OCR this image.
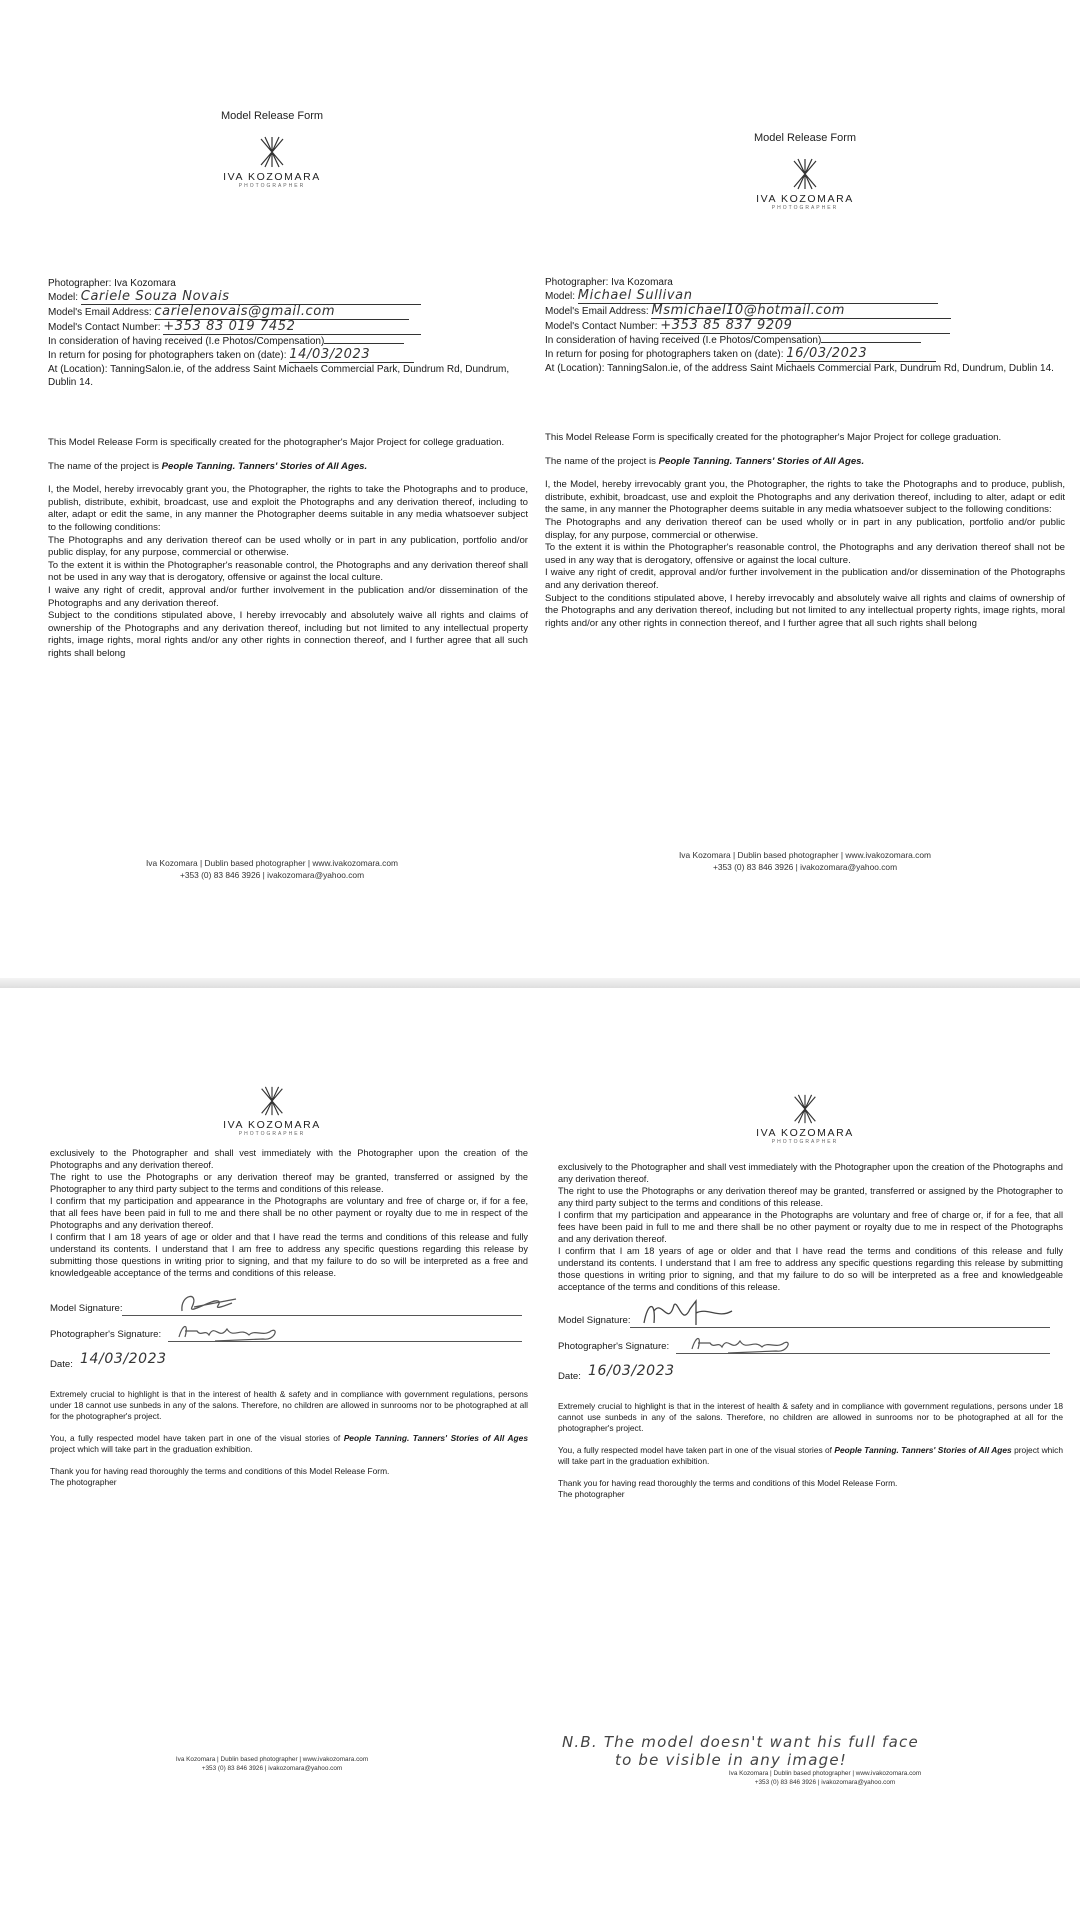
Model Release Form
IVA KOZOMARA
PHOTOGRAPHER
Photographer: Iva Kozomara
Model: Cariele Souza Novais
Model's Email Address: carielenovais@gmail.com
Model's Contact Number: +353 83 019 7452
In consideration of having received (I.e Photos/Compensation)
In return for posing for photographers taken on (date): 14/03/2023
At (Location): TanningSalon.ie, of the address Saint Michaels Commercial Park, Dundrum Rd, Dundrum, Dublin 14.

This Model Release Form is specifically created for the photographer's Major Project for college graduation.

The name of the project is People Tanning. Tanners' Stories of All Ages.

I, the Model, hereby irrevocably grant you, the Photographer, the rights to take the Photographs and to produce, publish, distribute, exhibit, broadcast, use and exploit the Photographs and any derivation thereof, including to alter, adapt or edit the same, in any manner the Photographer deems suitable in any media whatsoever subject to the following conditions:

The Photographs and any derivation thereof can be used wholly or in part in any publication, portfolio and/or public display, for any purpose, commercial or otherwise.

To the extent it is within the Photographer's reasonable control, the Photographs and any derivation thereof shall not be used in any way that is derogatory, offensive or against the local culture.

I waive any right of credit, approval and/or further involvement in the publication and/or dissemination of the Photographs and any derivation thereof.

Subject to the conditions stipulated above, I hereby irrevocably and absolutely waive all rights and claims of ownership of the Photographs and any derivation thereof, including but not limited to any intellectual property rights, image rights, moral rights and/or any other rights in connection thereof, and I further agree that all such rights shall belong

Iva Kozomara | Dublin based photographer | www.ivakozomara.com
+353 (0) 83 846 3926 | ivakozomara@yahoo.com
Model Release Form
IVA KOZOMARA
PHOTOGRAPHER
Photographer: Iva Kozomara
Model: Michael Sullivan
Model's Email Address: Msmichael10@hotmail.com
Model's Contact Number: +353 85 837 9209
In consideration of having received (I.e Photos/Compensation)
In return for posing for photographers taken on (date): 16/03/2023
At (Location): TanningSalon.ie, of the address Saint Michaels Commercial Park, Dundrum Rd, Dundrum, Dublin 14.

This Model Release Form is specifically created for the photographer's Major Project for college graduation.

The name of the project is People Tanning. Tanners' Stories of All Ages.

I, the Model, hereby irrevocably grant you, the Photographer, the rights to take the Photographs and to produce, publish, distribute, exhibit, broadcast, use and exploit the Photographs and any derivation thereof, including to alter, adapt or edit the same, in any manner the Photographer deems suitable in any media whatsoever subject to the following conditions:

The Photographs and any derivation thereof can be used wholly or in part in any publication, portfolio and/or public display, for any purpose, commercial or otherwise.

To the extent it is within the Photographer's reasonable control, the Photographs and any derivation thereof shall not be used in any way that is derogatory, offensive or against the local culture.

I waive any right of credit, approval and/or further involvement in the publication and/or dissemination of the Photographs and any derivation thereof.

Subject to the conditions stipulated above, I hereby irrevocably and absolutely waive all rights and claims of ownership of the Photographs and any derivation thereof, including but not limited to any intellectual property rights, image rights, moral rights and/or any other rights in connection thereof, and I further agree that all such rights shall belong

Iva Kozomara | Dublin based photographer | www.ivakozomara.com
+353 (0) 83 846 3926 | ivakozomara@yahoo.com
IVA KOZOMARA
PHOTOGRAPHER

exclusively to the Photographer and shall vest immediately with the Photographer upon the creation of the Photographs and any derivation thereof.

The right to use the Photographs or any derivation thereof may be granted, transferred or assigned by the Photographer to any third party subject to the terms and conditions of this release.

I confirm that my participation and appearance in the Photographs are voluntary and free of charge or, if for a fee, that all fees have been paid in full to me and there shall be no other payment or royalty due to me in respect of the Photographs and any derivation thereof.

I confirm that I am 18 years of age or older and that I have read the terms and conditions of this release and fully understand its contents. I understand that I am free to address any specific questions regarding this release by submitting those questions in writing prior to signing, and that my failure to do so will be interpreted as a free and knowledgeable acceptance of the terms and conditions of this release.

Model Signature:
Photographer's Signature:
Date: 14/03/2023

Extremely crucial to highlight is that in the interest of health & safety and in compliance with government regulations, persons under 18 cannot use sunbeds in any of the salons. Therefore, no children are allowed in sunrooms nor to be photographed at all for the photographer's project.

You, a fully respected model have taken part in one of the visual stories of People Tanning. Tanners' Stories of All Ages project which will take part in the graduation exhibition.

Thank you for having read thoroughly the terms and conditions of this Model Release Form.

The photographer

Iva Kozomara | Dublin based photographer | www.ivakozomara.com
+353 (0) 83 846 3926 | ivakozomara@yahoo.com
IVA KOZOMARA
PHOTOGRAPHER

exclusively to the Photographer and shall vest immediately with the Photographer upon the creation of the Photographs and any derivation thereof.

The right to use the Photographs or any derivation thereof may be granted, transferred or assigned by the Photographer to any third party subject to the terms and conditions of this release.

I confirm that my participation and appearance in the Photographs are voluntary and free of charge or, if for a fee, that all fees have been paid in full to me and there shall be no other payment or royalty due to me in respect of the Photographs and any derivation thereof.

I confirm that I am 18 years of age or older and that I have read the terms and conditions of this release and fully understand its contents. I understand that I am free to address any specific questions regarding this release by submitting those questions in writing prior to signing, and that my failure to do so will be interpreted as a free and knowledgeable acceptance of the terms and conditions of this release.

Model Signature:
Photographer's Signature:
Date: 16/03/2023

Extremely crucial to highlight is that in the interest of health & safety and in compliance with government regulations, persons under 18 cannot use sunbeds in any of the salons. Therefore, no children are allowed in sunrooms nor to be photographed at all for the photographer's project.

You, a fully respected model have taken part in one of the visual stories of People Tanning. Tanners' Stories of All Ages project which will take part in the graduation exhibition.

Thank you for having read thoroughly the terms and conditions of this Model Release Form.

The photographer

N.B. The model doesn't want his full face
to be visible in any image!
Iva Kozomara | Dublin based photographer | www.ivakozomara.com
+353 (0) 83 846 3926 | ivakozomara@yahoo.com
